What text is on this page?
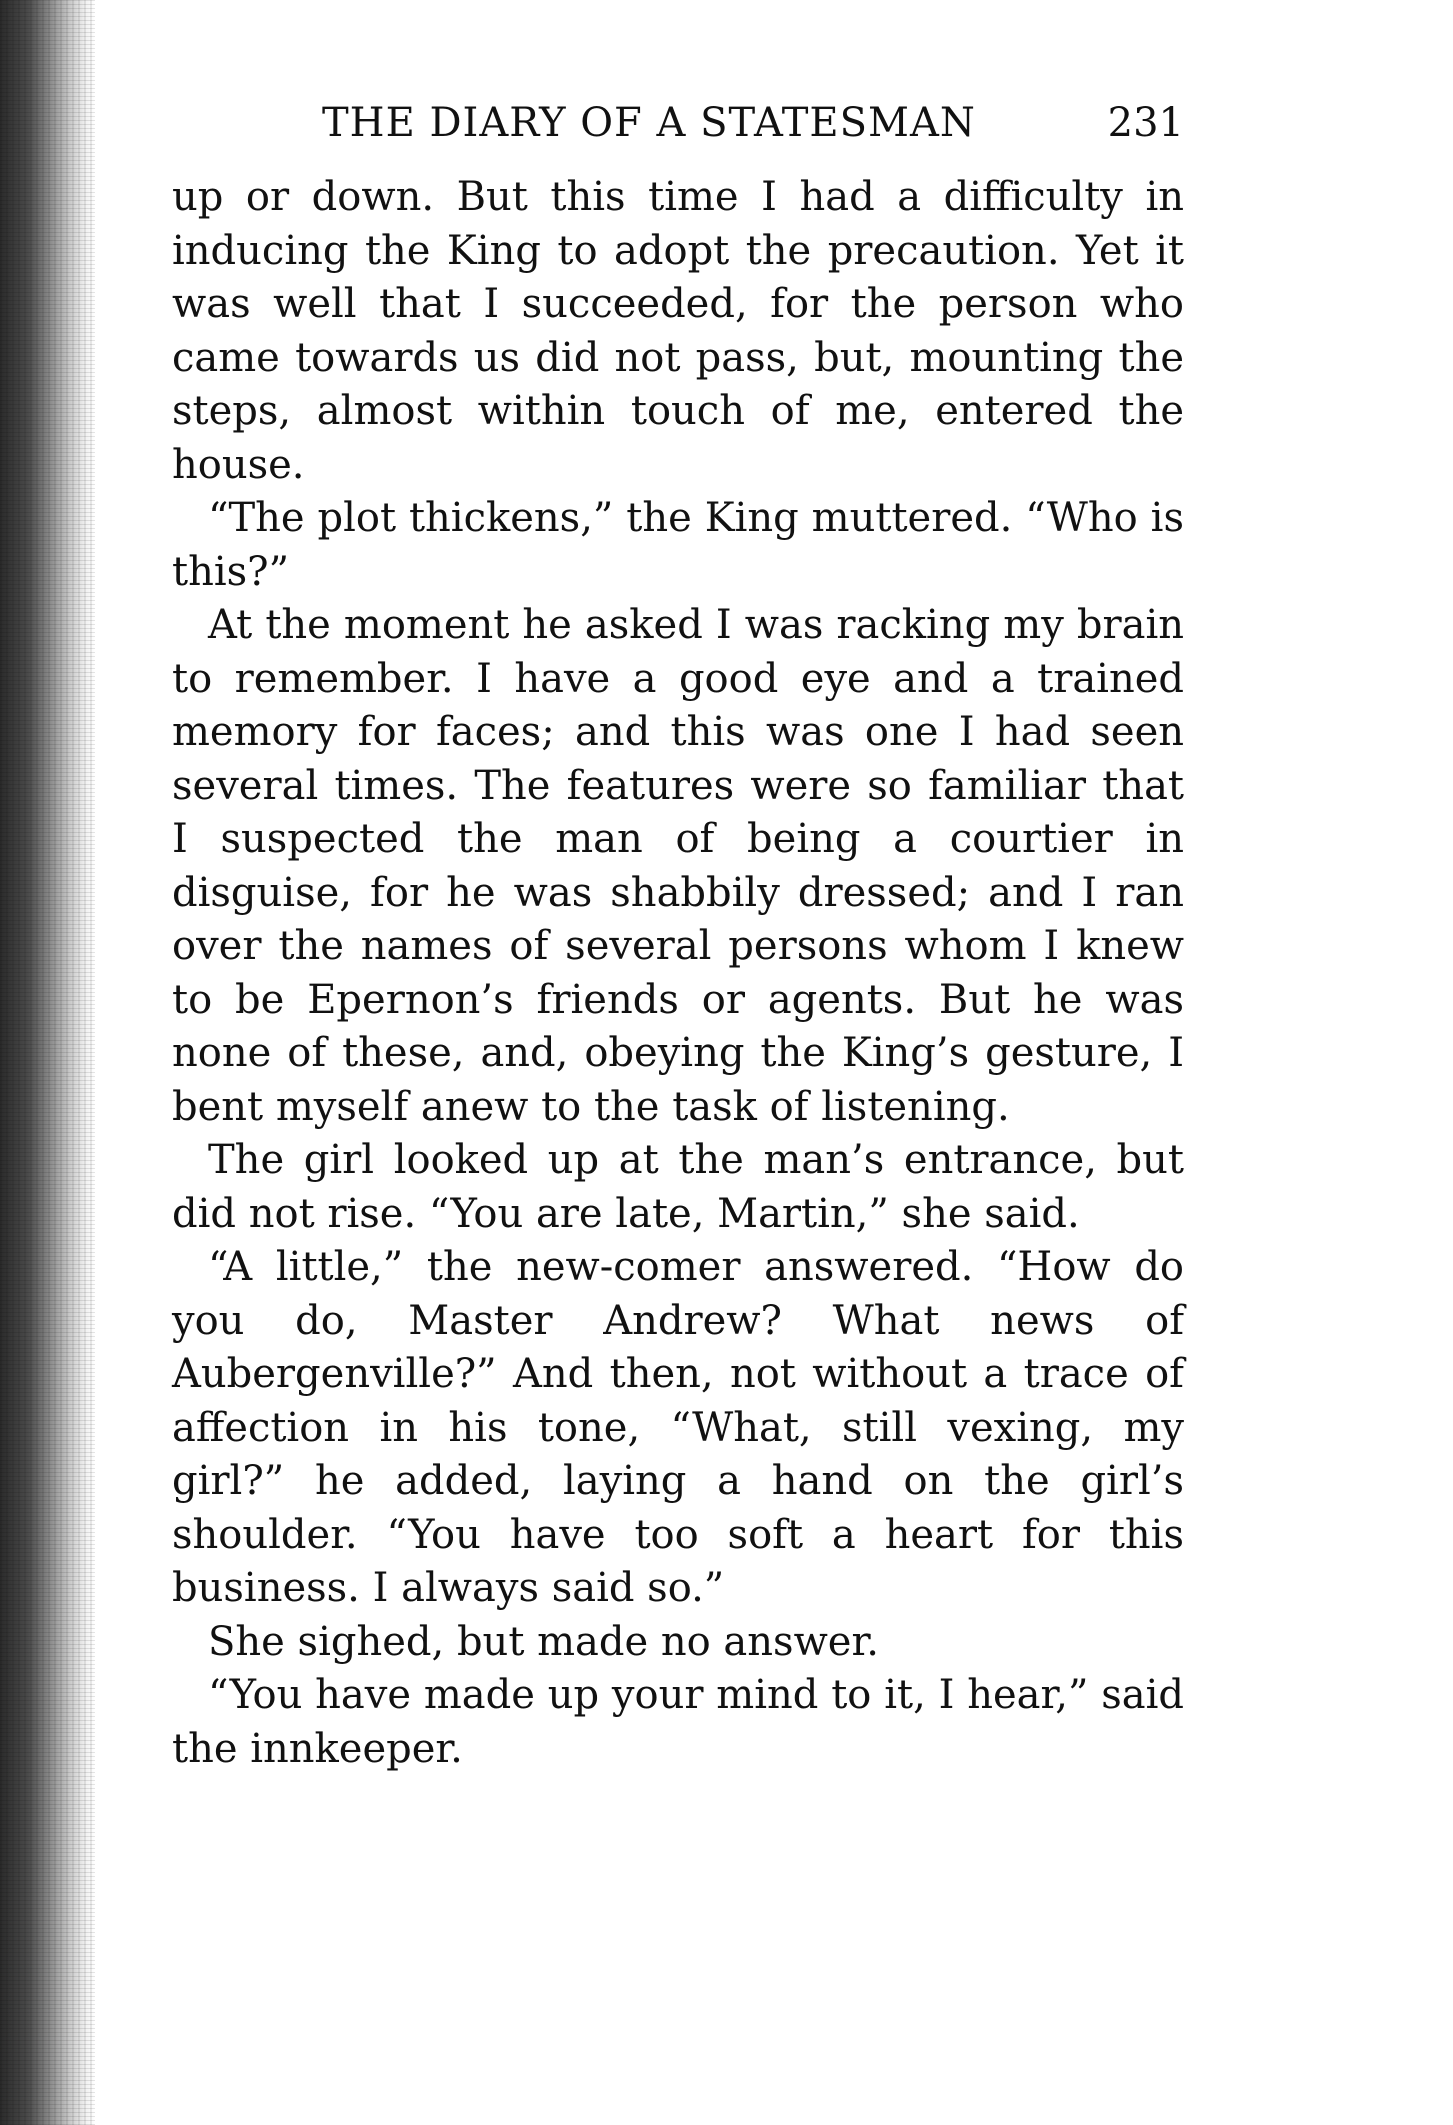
THE DIARY OF A STATESMAN	231

up or down. But this time I had a difficulty in inducing the King to adopt the precaution. Yet it was well that I succeeded, for the person who came towards us did not pass, but, mounting the steps, almost within touch of me, entered the house.

“The plot thickens,” the King muttered. “Who is this?”

At the moment he asked I was racking my brain to remember. I have a good eye and a trained memory for faces; and this was one I had seen several times. The features were so familiar that I suspected the man of being a courtier in disguise, for he was shabbily dressed; and I ran over the names of several persons whom I knew to be Epernon’s friends or agents. But he was none of these, and, obeying the King’s gesture, I bent myself anew to the task of listening.

The girl looked up at the man’s entrance, but did not rise. “You are late, Martin,” she said.

“A little,” the new-comer answered. “How do you do, Master Andrew? What news of Aubergenville?” And then, not without a trace of affection in his tone, “What, still vexing, my girl?” he added, laying a hand on the girl’s shoulder. “You have too soft a heart for this business. I always said so.”

She sighed, but made no answer.

“You have made up your mind to it, I hear,” said the innkeeper.
